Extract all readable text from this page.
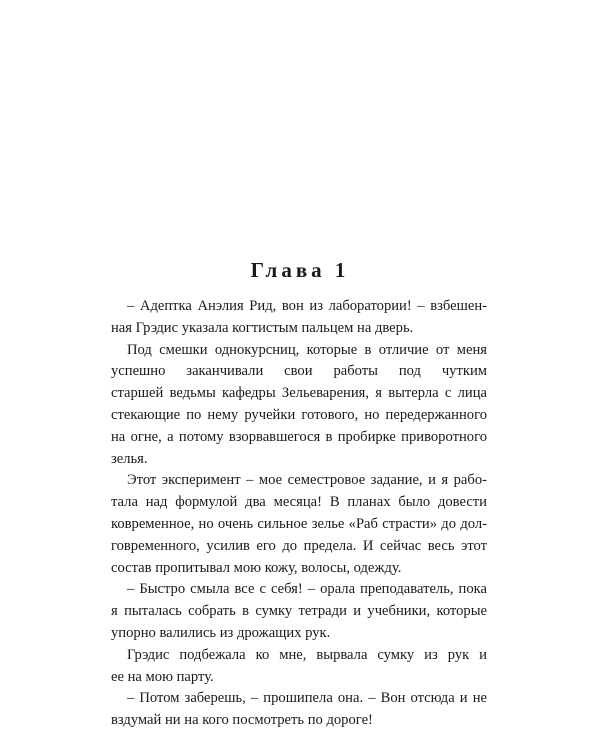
Глава 1
– Адептка Анэлия Рид, вон из лаборатории! – взбешен-
ная Грэдис указала когтистым пальцем на дверь.
Под смешки однокурсниц, которые в отличие от меня
успешно заканчивали свои работы под чутким
старшей ведьмы кафедры Зельеварения, я вытерла с лица
стекающие по нему ручейки готового, но передержанного
на огне, а потому взорвавшегося в пробирке приворотного
зелья.
Этот эксперимент – мое семестровое задание, и я рабо-
тала над формулой два месяца! В планах было довести
ковременное, но очень сильное зелье «Раб страсти» до дол-
говременного, усилив его до предела. И сейчас весь этот
состав пропитывал мою кожу, волосы, одежду.
– Быстро смыла все с себя! – орала преподаватель, пока
я пыталась собрать в сумку тетради и учебники, которые
упорно валились из дрожащих рук.
Грэдис подбежала ко мне, вырвала сумку из рук и
ее на мою парту.
– Потом заберешь, – прошипела она. – Вон отсюда и не
вздумай ни на кого посмотреть по дороге!
